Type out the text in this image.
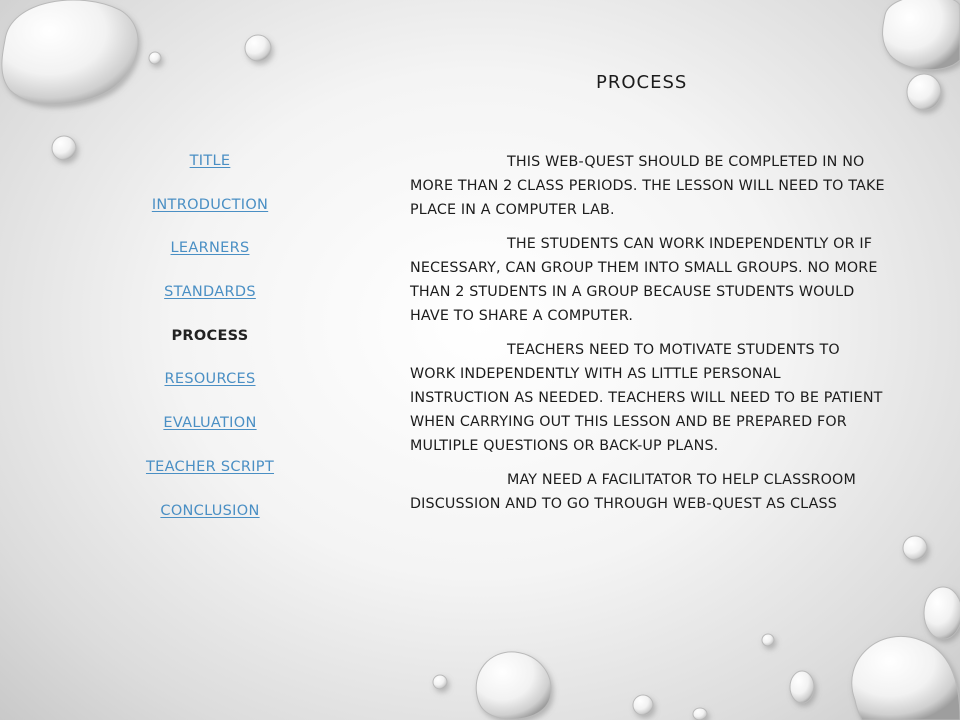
TITLE
INTRODUCTION
LEARNERS
STANDARDS
PROCESS
RESOURCES
EVALUATION
TEACHER SCRIPT
CONCLUSION
PROCESS

THIS WEB-QUEST SHOULD BE COMPLETED IN NO MORE THAN 2 CLASS PERIODS. THE LESSON WILL NEED TO TAKE PLACE IN A COMPUTER LAB.

THE STUDENTS CAN WORK INDEPENDENTLY OR IF NECESSARY, CAN GROUP THEM INTO SMALL GROUPS. NO MORE THAN 2 STUDENTS IN A GROUP BECAUSE STUDENTS WOULD HAVE TO SHARE A COMPUTER.

TEACHERS NEED TO MOTIVATE STUDENTS TO WORK INDEPENDENTLY WITH AS LITTLE PERSONAL INSTRUCTION AS NEEDED. TEACHERS WILL NEED TO BE PATIENT WHEN CARRYING OUT THIS LESSON AND BE PREPARED FOR MULTIPLE QUESTIONS OR BACK-UP PLANS.

MAY NEED A FACILITATOR TO HELP CLASSROOM DISCUSSION AND TO GO THROUGH WEB-QUEST AS CLASS
